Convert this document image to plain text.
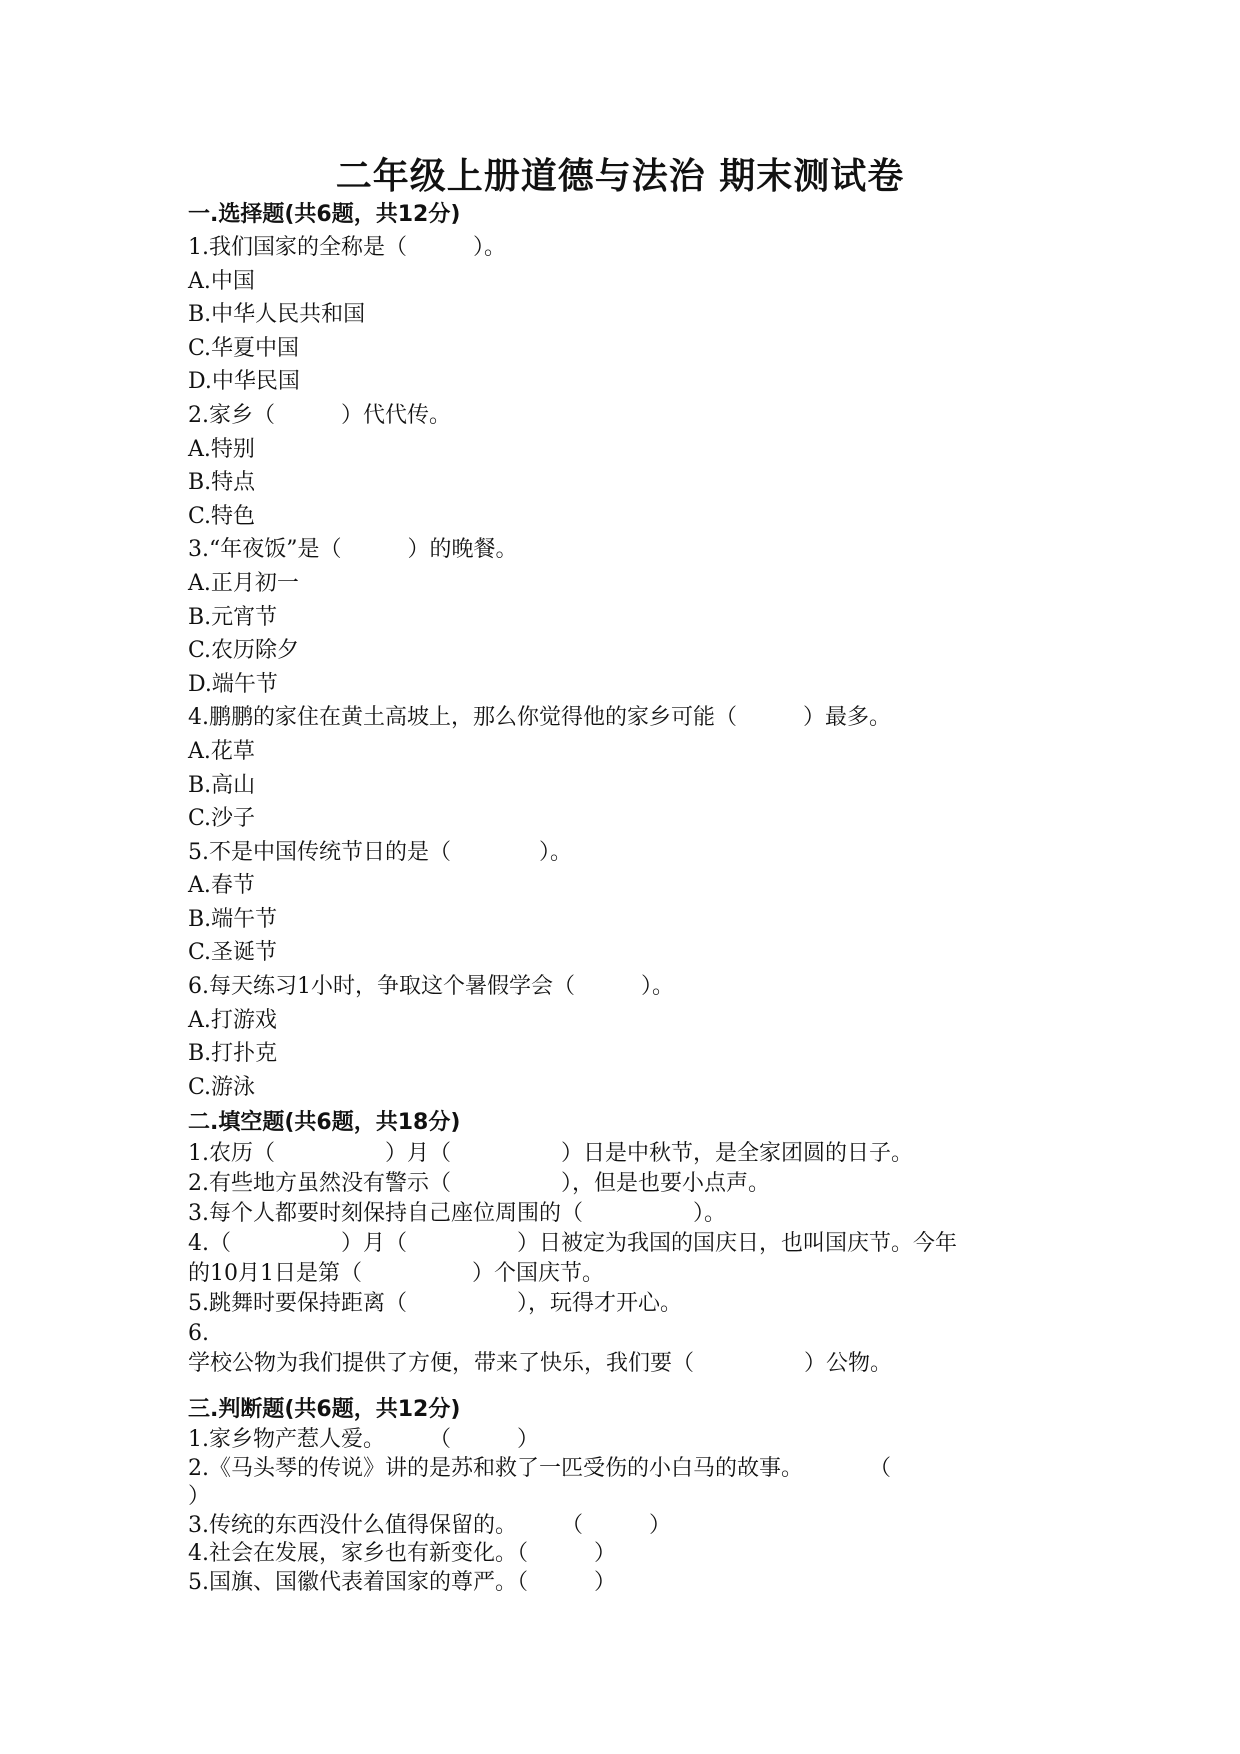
二年级上册道德与法治 期末测试卷
一.选择题(共6题，共12分)
1.我们国家的全称是（　　　）。
A.中国
B.中华人民共和国
C.华夏中国
D.中华民国
2.家乡（　　　）代代传。
A.特别
B.特点
C.特色
3.“年夜饭”是（　　　）的晚餐。
A.正月初一
B.元宵节
C.农历除夕
D.端午节
4.鹏鹏的家住在黄土高坡上，那么你觉得他的家乡可能（　　　）最多。
A.花草
B.高山
C.沙子
5.不是中国传统节日的是（　　　　）。
A.春节
B.端午节
C.圣诞节
6.每天练习1小时，争取这个暑假学会（　　　）。
A.打游戏
B.打扑克
C.游泳
二.填空题(共6题，共18分)
1.农历（　　　　　）月（　　　　　）日是中秋节，是全家团圆的日子。
2.有些地方虽然没有警示（　　　　　），但是也要小点声。
3.每个人都要时刻保持自己座位周围的（　　　　　）。
4.（　　　　　）月（　　　　　）日被定为我国的国庆日，也叫国庆节。今年
的10月1日是第（　　　　　）个国庆节。
5.跳舞时要保持距离（　　　　　），玩得才开心。
6.
学校公物为我们提供了方便，带来了快乐，我们要（　　　　　）公物。
三.判断题(共6题，共12分)
1.家乡物产惹人爱。　　　（　　　）
2.《马头琴的传说》讲的是苏和救了一匹受伤的小白马的故事。　　　　（
）
3.传统的东西没什么值得保留的。　　　（　　　）
4.社会在发展，家乡也有新变化。（　　　）
5.国旗、国徽代表着国家的尊严。（　　　）
